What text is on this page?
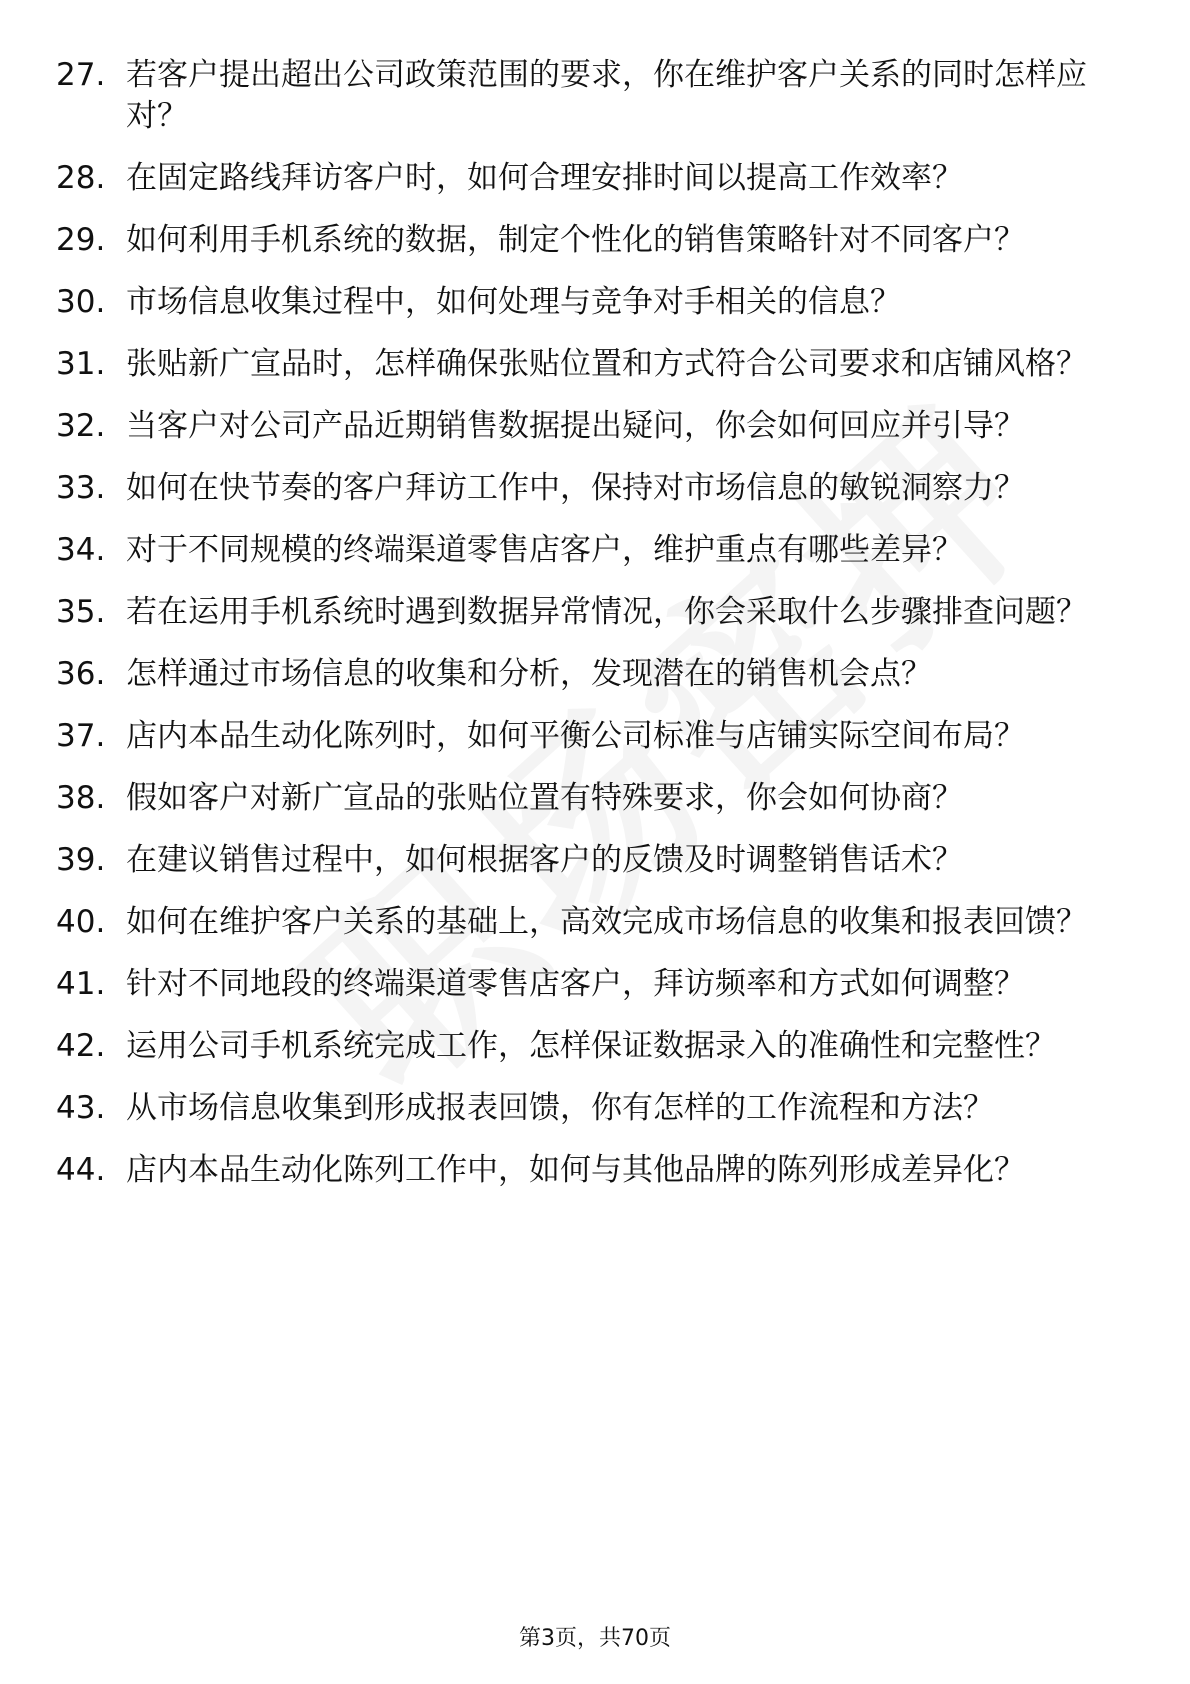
27. 若客户提出超出公司政策范围的要求，你在维护客户关系的同时怎样应对？
28. 在固定路线拜访客户时，如何合理安排时间以提高工作效率？
29. 如何利用手机系统的数据，制定个性化的销售策略针对不同客户？
30. 市场信息收集过程中，如何处理与竞争对手相关的信息？
31. 张贴新广宣品时，怎样确保张贴位置和方式符合公司要求和店铺风格？
32. 当客户对公司产品近期销售数据提出疑问，你会如何回应并引导？
33. 如何在快节奏的客户拜访工作中，保持对市场信息的敏锐洞察力？
34. 对于不同规模的终端渠道零售店客户，维护重点有哪些差异？
35. 若在运用手机系统时遇到数据异常情况，你会采取什么步骤排查问题？
36. 怎样通过市场信息的收集和分析，发现潜在的销售机会点？
37. 店内本品生动化陈列时，如何平衡公司标准与店铺实际空间布局？
38. 假如客户对新广宣品的张贴位置有特殊要求，你会如何协商？
39. 在建议销售过程中，如何根据客户的反馈及时调整销售话术？
40. 如何在维护客户关系的基础上，高效完成市场信息的收集和报表回馈？
41. 针对不同地段的终端渠道零售店客户，拜访频率和方式如何调整？
42. 运用公司手机系统完成工作，怎样保证数据录入的准确性和完整性？
43. 从市场信息收集到形成报表回馈，你有怎样的工作流程和方法？
44. 店内本品生动化陈列工作中，如何与其他品牌的陈列形成差异化？
第3页，共70页
